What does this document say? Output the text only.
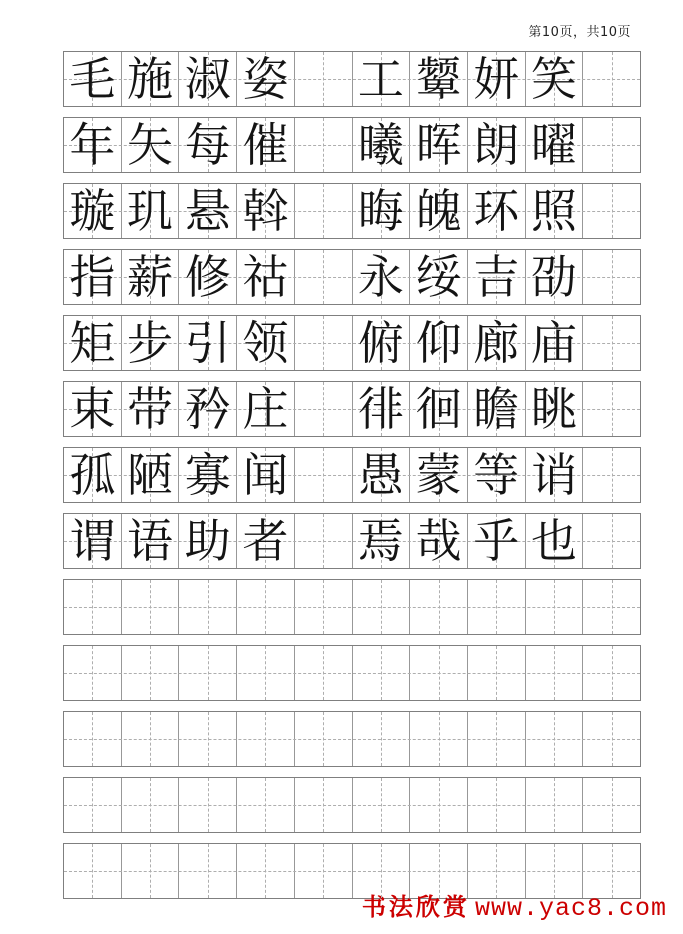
第10页，共10页
毛 施 淑 姿 工 颦 妍 笑
年 矢 每 催 曦 晖 朗 曜
璇 玑 悬 斡 晦 魄 环 照
指 薪 修 祜 永 绥 吉 劭
矩 步 引 领 俯 仰 廊 庙
束 带 矜 庄 徘 徊 瞻 眺
孤 陋 寡 闻 愚 蒙 等 诮
谓 语 助 者 焉 哉 乎 也
书法欣赏 www.yac8.com
